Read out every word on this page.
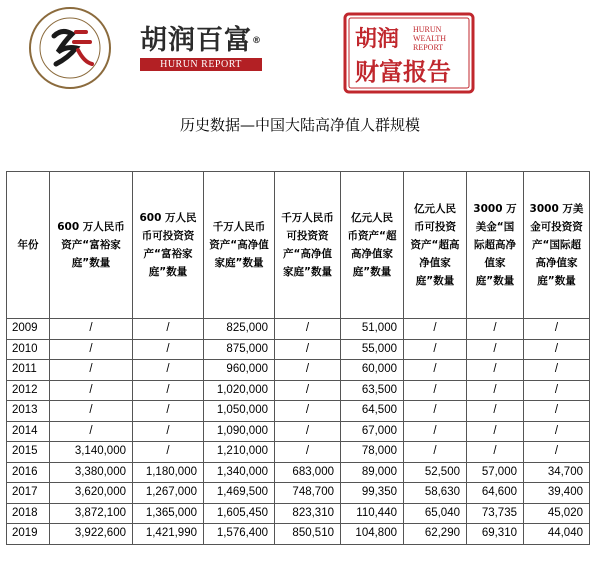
胡润百富®
HURUN REPORT
胡润 HURUN
WEALTH
REPORT
财富报告
历史数据—中国大陆高净值人群规模
年份	600 万人民币资产“富裕家庭”数量	600 万人民币可投资资产“富裕家庭”数量	千万人民币资产“高净值家庭”数量	千万人民币可投资资产“高净值家庭”数量	亿元人民币资产“超高净值家庭”数量	亿元人民币可投资资产“超高净值家庭”数量	3000 万美金“国际超高净值家庭”数量	3000 万美金可投资资产“国际超高净值家庭”数量

2009	/	/	825,000	/	51,000	/	/	/
2010	/	/	875,000	/	55,000	/	/	/
2011	/	/	960,000	/	60,000	/	/	/
2012	/	/	1,020,000	/	63,500	/	/	/
2013	/	/	1,050,000	/	64,500	/	/	/
2014	/	/	1,090,000	/	67,000	/	/	/
2015	3,140,000	/	1,210,000	/	78,000	/	/	/
2016	3,380,000	1,180,000	1,340,000	683,000	89,000	52,500	57,000	34,700
2017	3,620,000	1,267,000	1,469,500	748,700	99,350	58,630	64,600	39,400
2018	3,872,100	1,365,000	1,605,450	823,310	110,440	65,040	73,735	45,020
2019	3,922,600	1,421,990	1,576,400	850,510	104,800	62,290	69,310	44,040
